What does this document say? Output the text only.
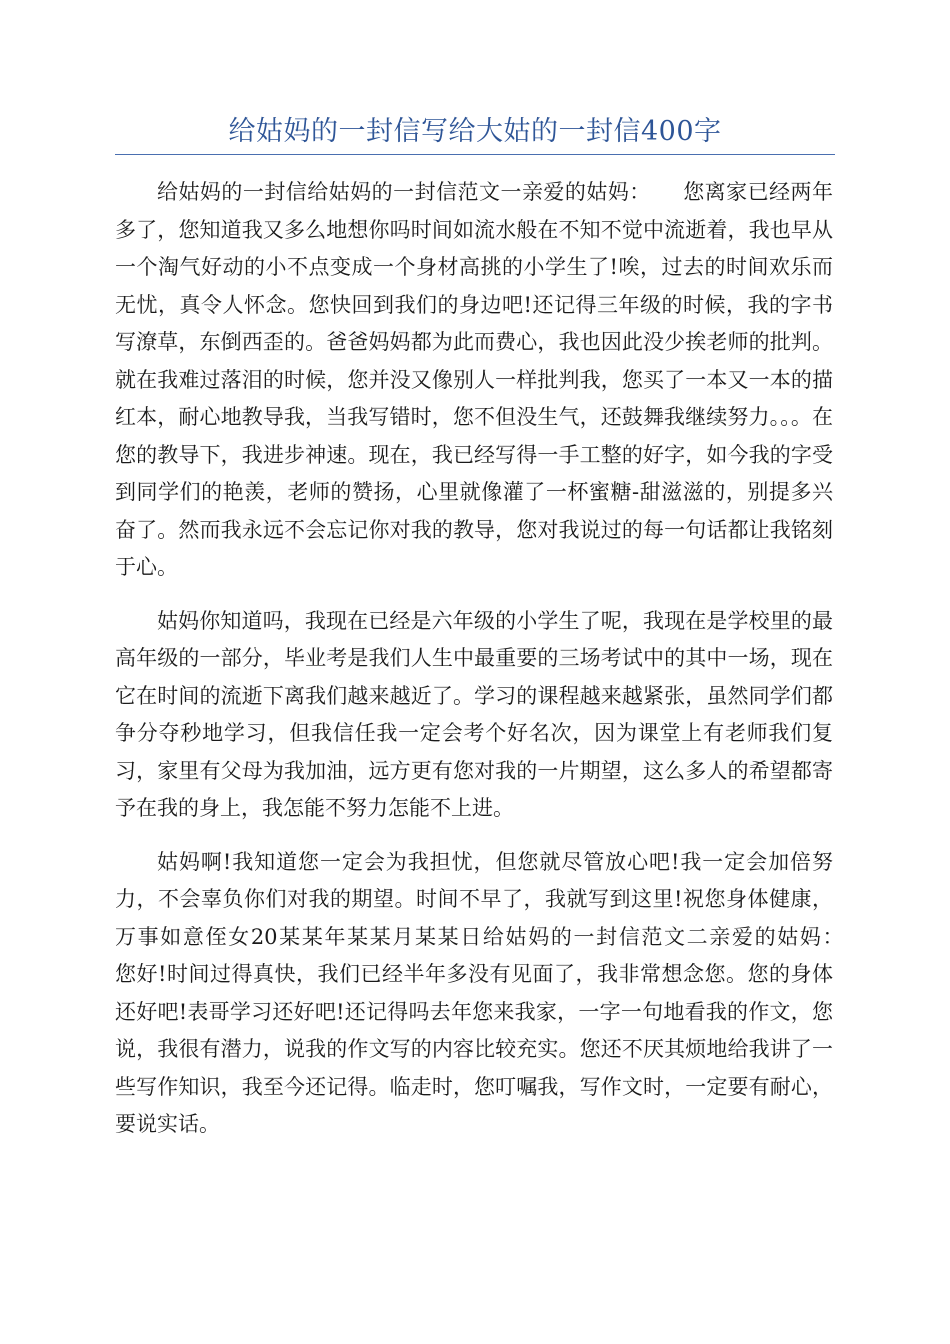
给姑妈的一封信写给大姑的一封信400字

给姑妈的一封信给姑妈的一封信范文一亲爱的姑妈：　　您离家已经两年多了，您知道我又多么地想你吗时间如流水般在不知不觉中流逝着，我也早从一个淘气好动的小不点变成一个身材高挑的小学生了!唉，过去的时间欢乐而无忧，真令人怀念。您快回到我们的身边吧!还记得三年级的时候，我的字书写潦草，东倒西歪的。爸爸妈妈都为此而费心，我也因此没少挨老师的批判。就在我难过落泪的时候，您并没又像别人一样批判我，您买了一本又一本的描红本，耐心地教导我，当我写错时，您不但没生气，还鼓舞我继续努力。。。在您的教导下，我进步神速。现在，我已经写得一手工整的好字，如今我的字受到同学们的艳羡，老师的赞扬，心里就像灌了一杯蜜糖-甜滋滋的，别提多兴奋了。然而我永远不会忘记你对我的教导，您对我说过的每一句话都让我铭刻于心。

姑妈你知道吗，我现在已经是六年级的小学生了呢，我现在是学校里的最高年级的一部分，毕业考是我们人生中最重要的三场考试中的其中一场，现在它在时间的流逝下离我们越来越近了。学习的课程越来越紧张，虽然同学们都争分夺秒地学习，但我信任我一定会考个好名次，因为课堂上有老师我们复习，家里有父母为我加油，远方更有您对我的一片期望，这么多人的希望都寄予在我的身上，我怎能不努力怎能不上进。

姑妈啊!我知道您一定会为我担忧，但您就尽管放心吧!我一定会加倍努力，不会辜负你们对我的期望。时间不早了，我就写到这里!祝您身体健康，万事如意侄女20某某年某某月某某日给姑妈的一封信范文二亲爱的姑妈：　　您好!时间过得真快，我们已经半年多没有见面了，我非常想念您。您的身体还好吧!表哥学习还好吧!还记得吗去年您来我家，一字一句地看我的作文，您说，我很有潜力，说我的作文写的内容比较充实。您还不厌其烦地给我讲了一些写作知识，我至今还记得。临走时，您叮嘱我，写作文时，一定要有耐心，要说实话。
